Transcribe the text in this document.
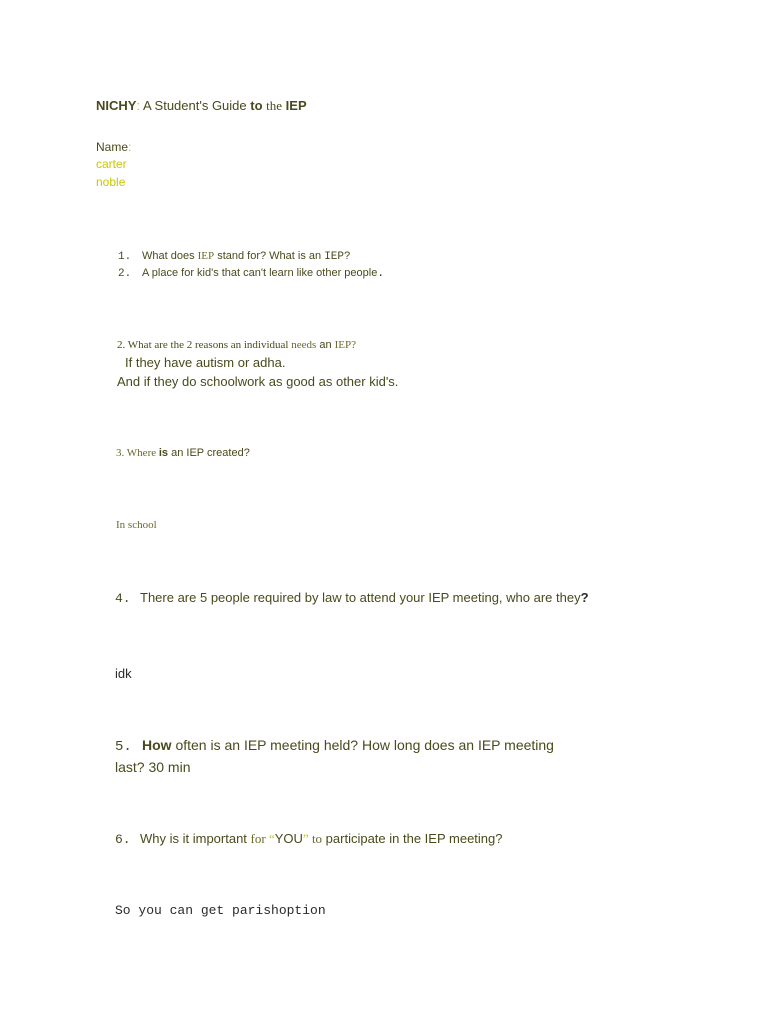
NICHY: A Student's Guide to the IEP
Name:
carter
noble
1. What does IEP stand for? What is an IEP?
2. A place for kid's that can't learn like other people.
2. What are the 2 reasons an individual needs an IEP?
If they have autism or adha.
And if they do schoolwork as good as other kid's.
3. Where is an IEP created?
In school
4. There are 5 people required by law to attend your IEP meeting, who are they?
idk
5. How often is an IEP meeting held? How long does an IEP meeting
last? 30 min
6. Why is it important for “YOU” to participate in the IEP meeting?
So you can get parishoption
